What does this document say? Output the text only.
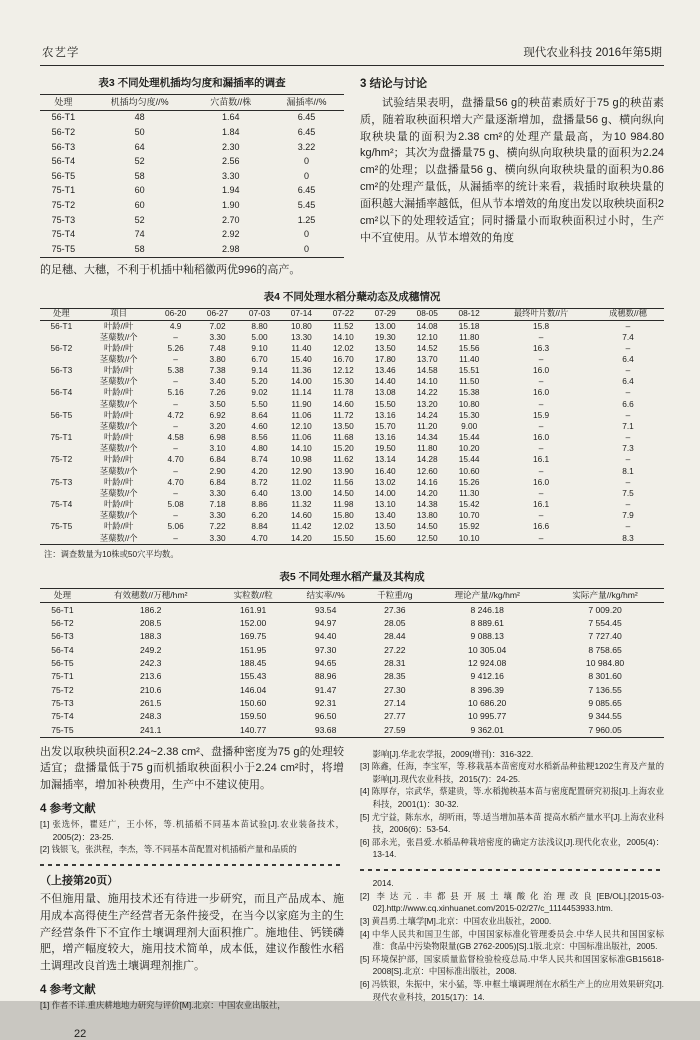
农艺学	现代农业科技 2016年第5期
表3 不同处理机插均匀度和漏插率的调查
处理	机插均匀度//%	穴苗数//株	漏插率//%
56-T1	48	1.64	6.45
56-T2	50	1.84	6.45
56-T3	64	2.30	3.22
56-T4	52	2.56	0
56-T5	58	3.30	0
75-T1	60	1.94	6.45
75-T2	60	1.90	5.45
75-T3	52	2.70	1.25
75-T4	74	2.92	0
75-T5	58	2.98	0

的足穗、大穗，不利于机插中籼稻徽两优996的高产。

3 结论与讨论

试验结果表明，盘播量56 g的秧苗素质好于75 g的秧苗素质，随着取秧面积增大产量逐渐增加，盘播量56 g、横向纵向取秧块量的面积为2.38 cm²的处理产量最高，为10 984.80 kg/hm²；其次为盘播量75 g、横向纵向取秧块量的面积为2.24 cm²的处理；以盘播量56 g、横向纵向取秧块量的面积为0.86 cm²的处理产量低，从漏插率的统计来看，栽插时取秧块量的面积越大漏插率越低，但从节本增效的角度出发以取秧块面积2 cm²以下的处理较适宜；同时播量小而取秧面积过小时，生产中不宜使用。从节本增效的角度

表4 不同处理水稻分蘖动态及成穗情况
处理	项目	06-20	06-27	07-03	07-14	07-22	07-29	08-05	08-12	最终叶片数//片	成穗数//穗
56-T1	叶龄//叶	4.9	7.02	8.80	10.80	11.52	13.00	14.08	15.18	15.8	–
	茎蘖数//个	–	3.30	5.00	13.30	14.10	19.30	12.10	11.80	–	7.4
56-T2	叶龄//叶	5.26	7.48	9.10	11.40	12.02	13.50	14.52	15.56	16.3	–
	茎蘖数//个	–	3.80	6.70	15.40	16.70	17.80	13.70	11.40	–	6.4
56-T3	叶龄//叶	5.38	7.38	9.14	11.36	12.12	13.46	14.58	15.51	16.0	–
	茎蘖数//个	–	3.40	5.20	14.00	15.30	14.40	14.10	11.50	–	6.4
56-T4	叶龄//叶	5.16	7.26	9.02	11.14	11.78	13.08	14.22	15.38	16.0	–
	茎蘖数//个	–	3.50	5.50	11.90	14.60	15.50	13.20	10.80	–	6.6
56-T5	叶龄//叶	4.72	6.92	8.64	11.06	11.72	13.16	14.24	15.30	15.9	–
	茎蘖数//个	–	3.20	4.60	12.10	13.50	15.70	11.20	9.00	–	7.1
75-T1	叶龄//叶	4.58	6.98	8.56	11.06	11.68	13.16	14.34	15.44	16.0	–
	茎蘖数//个	–	3.10	4.80	14.10	15.20	19.50	11.80	10.20	–	7.3
75-T2	叶龄//叶	4.70	6.84	8.74	10.98	11.62	13.14	14.28	15.44	16.1	–
	茎蘖数//个	–	2.90	4.20	12.90	13.90	16.40	12.60	10.60	–	8.1
75-T3	叶龄//叶	4.70	6.84	8.72	11.02	11.56	13.02	14.16	15.26	16.0	–
	茎蘖数//个	–	3.30	6.40	13.00	14.50	14.00	14.20	11.30	–	7.5
75-T4	叶龄//叶	5.08	7.18	8.86	11.32	11.98	13.10	14.38	15.42	16.1	–
	茎蘖数//个	–	3.30	6.20	14.60	15.80	13.40	13.80	10.70	–	7.9
75-T5	叶龄//叶	5.06	7.22	8.84	11.42	12.02	13.50	14.50	15.92	16.6	–
	茎蘖数//个	–	3.30	4.70	14.20	15.50	15.60	12.50	10.10	–	8.3
注：调查数量为10株或50穴平均数。
表5 不同处理水稻产量及其构成
处理	有效穗数//万穗/hm²	实粒数//粒	结实率//%	千粒重//g	理论产量//kg/hm²	实际产量//kg/hm²
56-T1	186.2	161.91	93.54	27.36	8 246.18	7 009.20
56-T2	208.5	152.00	94.97	28.05	8 889.61	7 554.45
56-T3	188.3	169.75	94.40	28.44	9 088.13	7 727.40
56-T4	249.2	151.95	97.30	27.22	10 305.04	8 758.65
56-T5	242.3	188.45	94.65	28.31	12 924.08	10 984.80
75-T1	213.6	155.43	88.96	28.35	9 412.16	8 301.60
75-T2	210.6	146.04	91.47	27.30	8 396.39	7 136.55
75-T3	261.5	150.60	92.31	27.14	10 686.20	9 085.65
75-T4	248.3	159.50	96.50	27.77	10 995.77	9 344.55
75-T5	241.1	140.77	93.68	27.59	9 362.01	7 960.05

出发以取秧块面积2.24~2.38 cm²、盘播种密度为75 g的处理较适宜；盘播量低于75 g而机插取秧面积小于2.24 cm²时，将增加漏插率，增加补秧费用，生产中不建议使用。

4 参考文献
[1] 张选怀，瞿廷广，王小怀，等.机插稻不同基本苗试验[J].农业装备技术，2005(2)：23-25.
[2] 钱银飞，张洪程，李杰，等.不同基本苗配置对机插稻产量和品质的
（上接第20页）

不但施用量、施用技术还有待进一步研究，而且产品成本、施用成本高得使生产经营者无条件接受，在当今以家庭为主的生产经营条件下不宜作土壤调理剂大面积推广。施地佳、钙镁磷肥，增产幅度较大，施用技术简单，成本低，建议作酸性水稻土调理改良首选土壤调理剂推广。

4 参考文献
[1] 作者不详.重庆耕地地力研究与评价[M].北京：中国农业出版社，
22
影响[J].华北农学报，2009(增刊)：316-322.
[3] 陈鑫，任海，李宝军，等.移栽基本苗密度对水稻新品种盐粳1202生育及产量的影响[J].现代农业科技，2015(7)：24-25.
[4] 陈厚存，宗武华，蔡建贵，等.水稻抛秧基本苗与密度配置研究初报[J].上海农业科技，2001(1)：30-32.
[5] 尤宁益，陈东水，胡听雨，等.适当增加基本苗 提高水稻产量水平[J].上海农业科技，2006(6)：53-54.
[6] 邵永光，张昌爱.水稻品种栽培密度的确定方法浅议[J].现代化农业，2005(4)：13-14.
2014.
[2] 李达元.丰都县开展土壤酸化治理改良[EB/OL].[2015-03-02].http://www.cq.xinhuanet.com/2015-02/27/c_1114453933.htm.
[3] 黄昌勇.土壤学[M].北京：中国农业出版社，2000.
[4] 中华人民共和国卫生部，中国国家标准化管理委员会.中华人民共和国国家标准：食品中污染物限量(GB 2762-2005)[S].1版.北京：中国标准出版社，2005.
[5] 环境保护部，国家质量监督检验检疫总局.中华人民共和国国家标准GB15618-2008[S].北京：中国标准出版社，2008.
[6] 冯铁银，朱振中，宋小猛，等.申框土壤调理剂在水稻生产上的应用效果研究[J].现代农业科技，2015(17)：14.
